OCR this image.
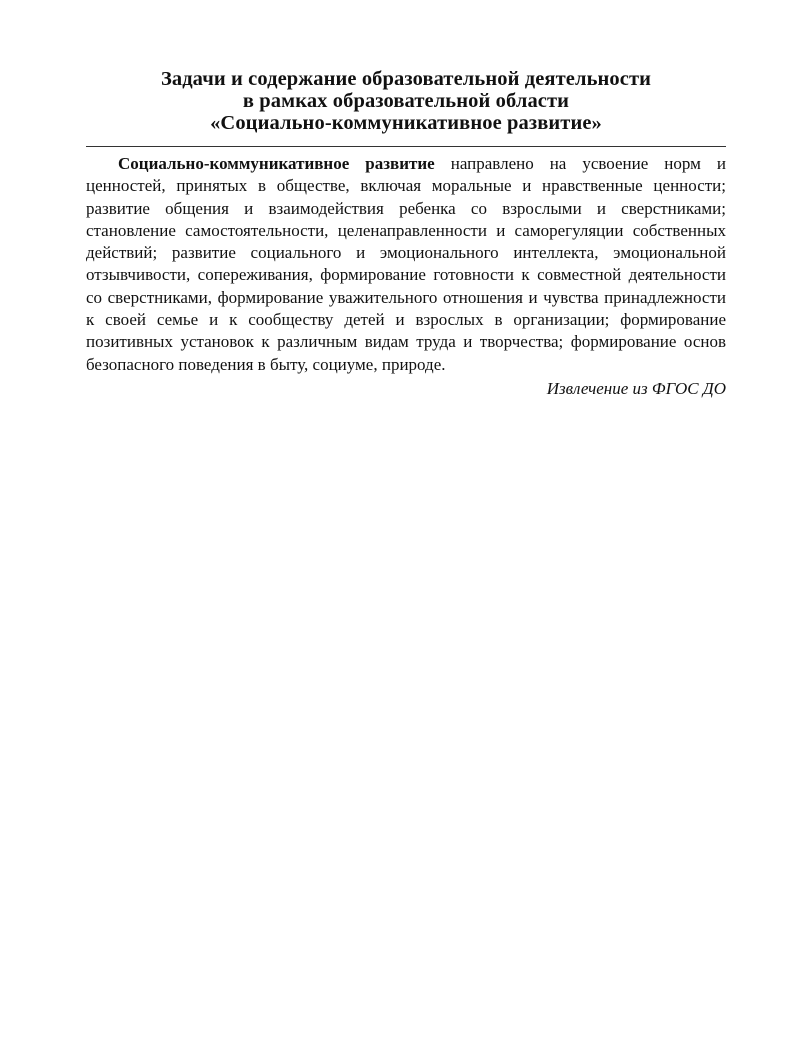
Задачи и содержание образовательной деятельности
в рамках образовательной области
«Социально-коммуникативное развитие»

Социально-коммуникативное развитие направлено на усвоение норм и ценностей, принятых в обществе, включая моральные и нравственные ценности; развитие общения и взаимодействия ребенка со взрослыми и сверстниками; становление самостоятельности, целенаправленности и саморегуляции собственных действий; развитие социального и эмоционального интеллекта, эмоциональной отзывчивости, сопереживания, формирование готовности к совместной деятельности со сверстниками, формирование уважительного отношения и чувства принадлежности к своей семье и к сообществу детей и взрослых в организации; формирование позитивных установок к различным видам труда и творчества; формирование основ безопасного поведения в быту, социуме, природе.

Извлечение из ФГОС ДО
